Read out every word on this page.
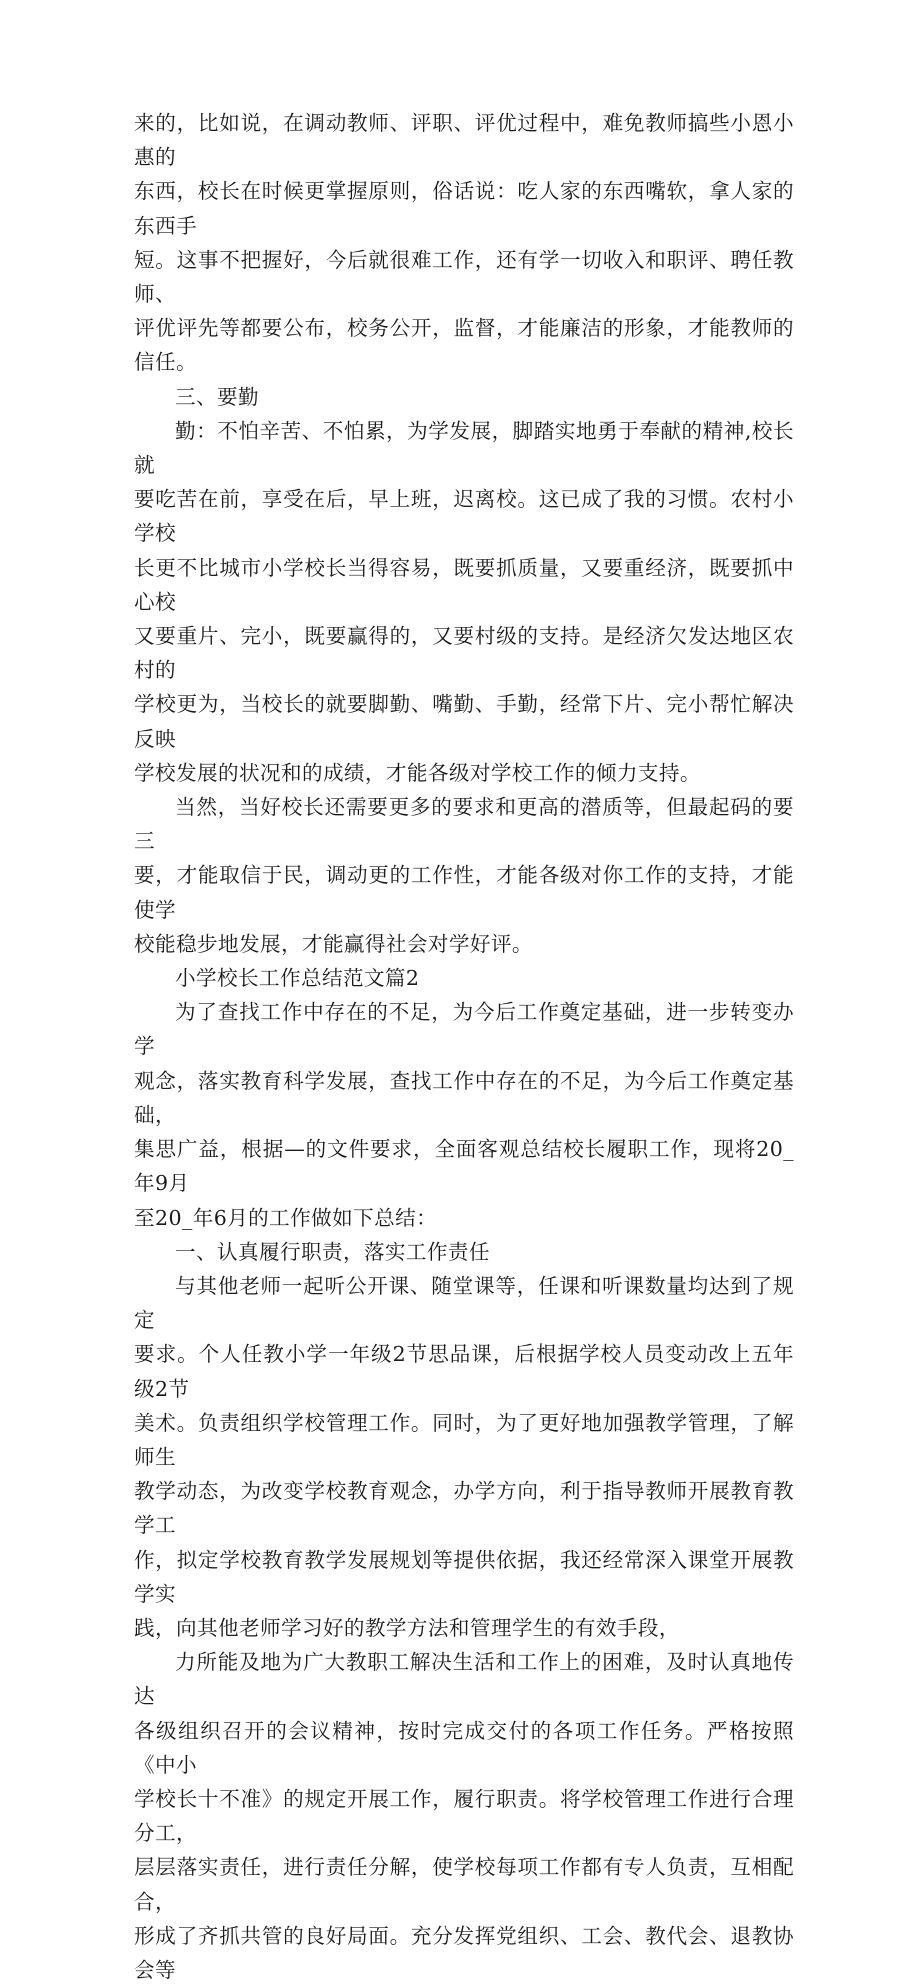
来的，比如说，在调动教师、评职、评优过程中，难免教师搞些小恩小惠的
东西，校长在时候更掌握原则，俗话说：吃人家的东西嘴软，拿人家的东西手
短。这事不把握好，今后就很难工作，还有学一切收入和职评、聘任教师、
评优评先等都要公布，校务公开，监督，才能廉洁的形象，才能教师的信任。

三、要勤

勤：不怕辛苦、不怕累，为学发展，脚踏实地勇于奉献的精神,校长就
要吃苦在前，享受在后，早上班，迟离校。这已成了我的习惯。农村小学校
长更不比城市小学校长当得容易，既要抓质量，又要重经济，既要抓中心校
又要重片、完小，既要赢得的，又要村级的支持。是经济欠发达地区农村的
学校更为，当校长的就要脚勤、嘴勤、手勤，经常下片、完小帮忙解决反映
学校发展的状况和的成绩，才能各级对学校工作的倾力支持。

当然，当好校长还需要更多的要求和更高的潜质等，但最起码的要三
要，才能取信于民，调动更的工作性，才能各级对你工作的支持，才能使学
校能稳步地发展，才能赢得社会对学好评。

小学校长工作总结范文篇2

为了查找工作中存在的不足，为今后工作奠定基础，进一步转变办学
观念，落实教育科学发展，查找工作中存在的不足，为今后工作奠定基础，
集思广益，根据—的文件要求，全面客观总结校长履职工作，现将20_年9月
至20_年6月的工作做如下总结：

一、认真履行职责，落实工作责任

与其他老师一起听公开课、随堂课等，任课和听课数量均达到了规定
要求。个人任教小学一年级2节思品课，后根据学校人员变动改上五年级2节
美术。负责组织学校管理工作。同时，为了更好地加强教学管理，了解师生
教学动态，为改变学校教育观念，办学方向，利于指导教师开展教育教学工
作，拟定学校教育教学发展规划等提供依据，我还经常深入课堂开展教学实
践，向其他老师学习好的教学方法和管理学生的有效手段，

力所能及地为广大教职工解决生活和工作上的困难，及时认真地传达
各级组织召开的会议精神，按时完成交付的各项工作任务。严格按照《中小
学校长十不准》的规定开展工作，履行职责。将学校管理工作进行合理分工，
层层落实责任，进行责任分解，使学校每项工作都有专人负责，互相配合，
形成了齐抓共管的良好局面。充分发挥党组织、工会、教代会、退教协会等
